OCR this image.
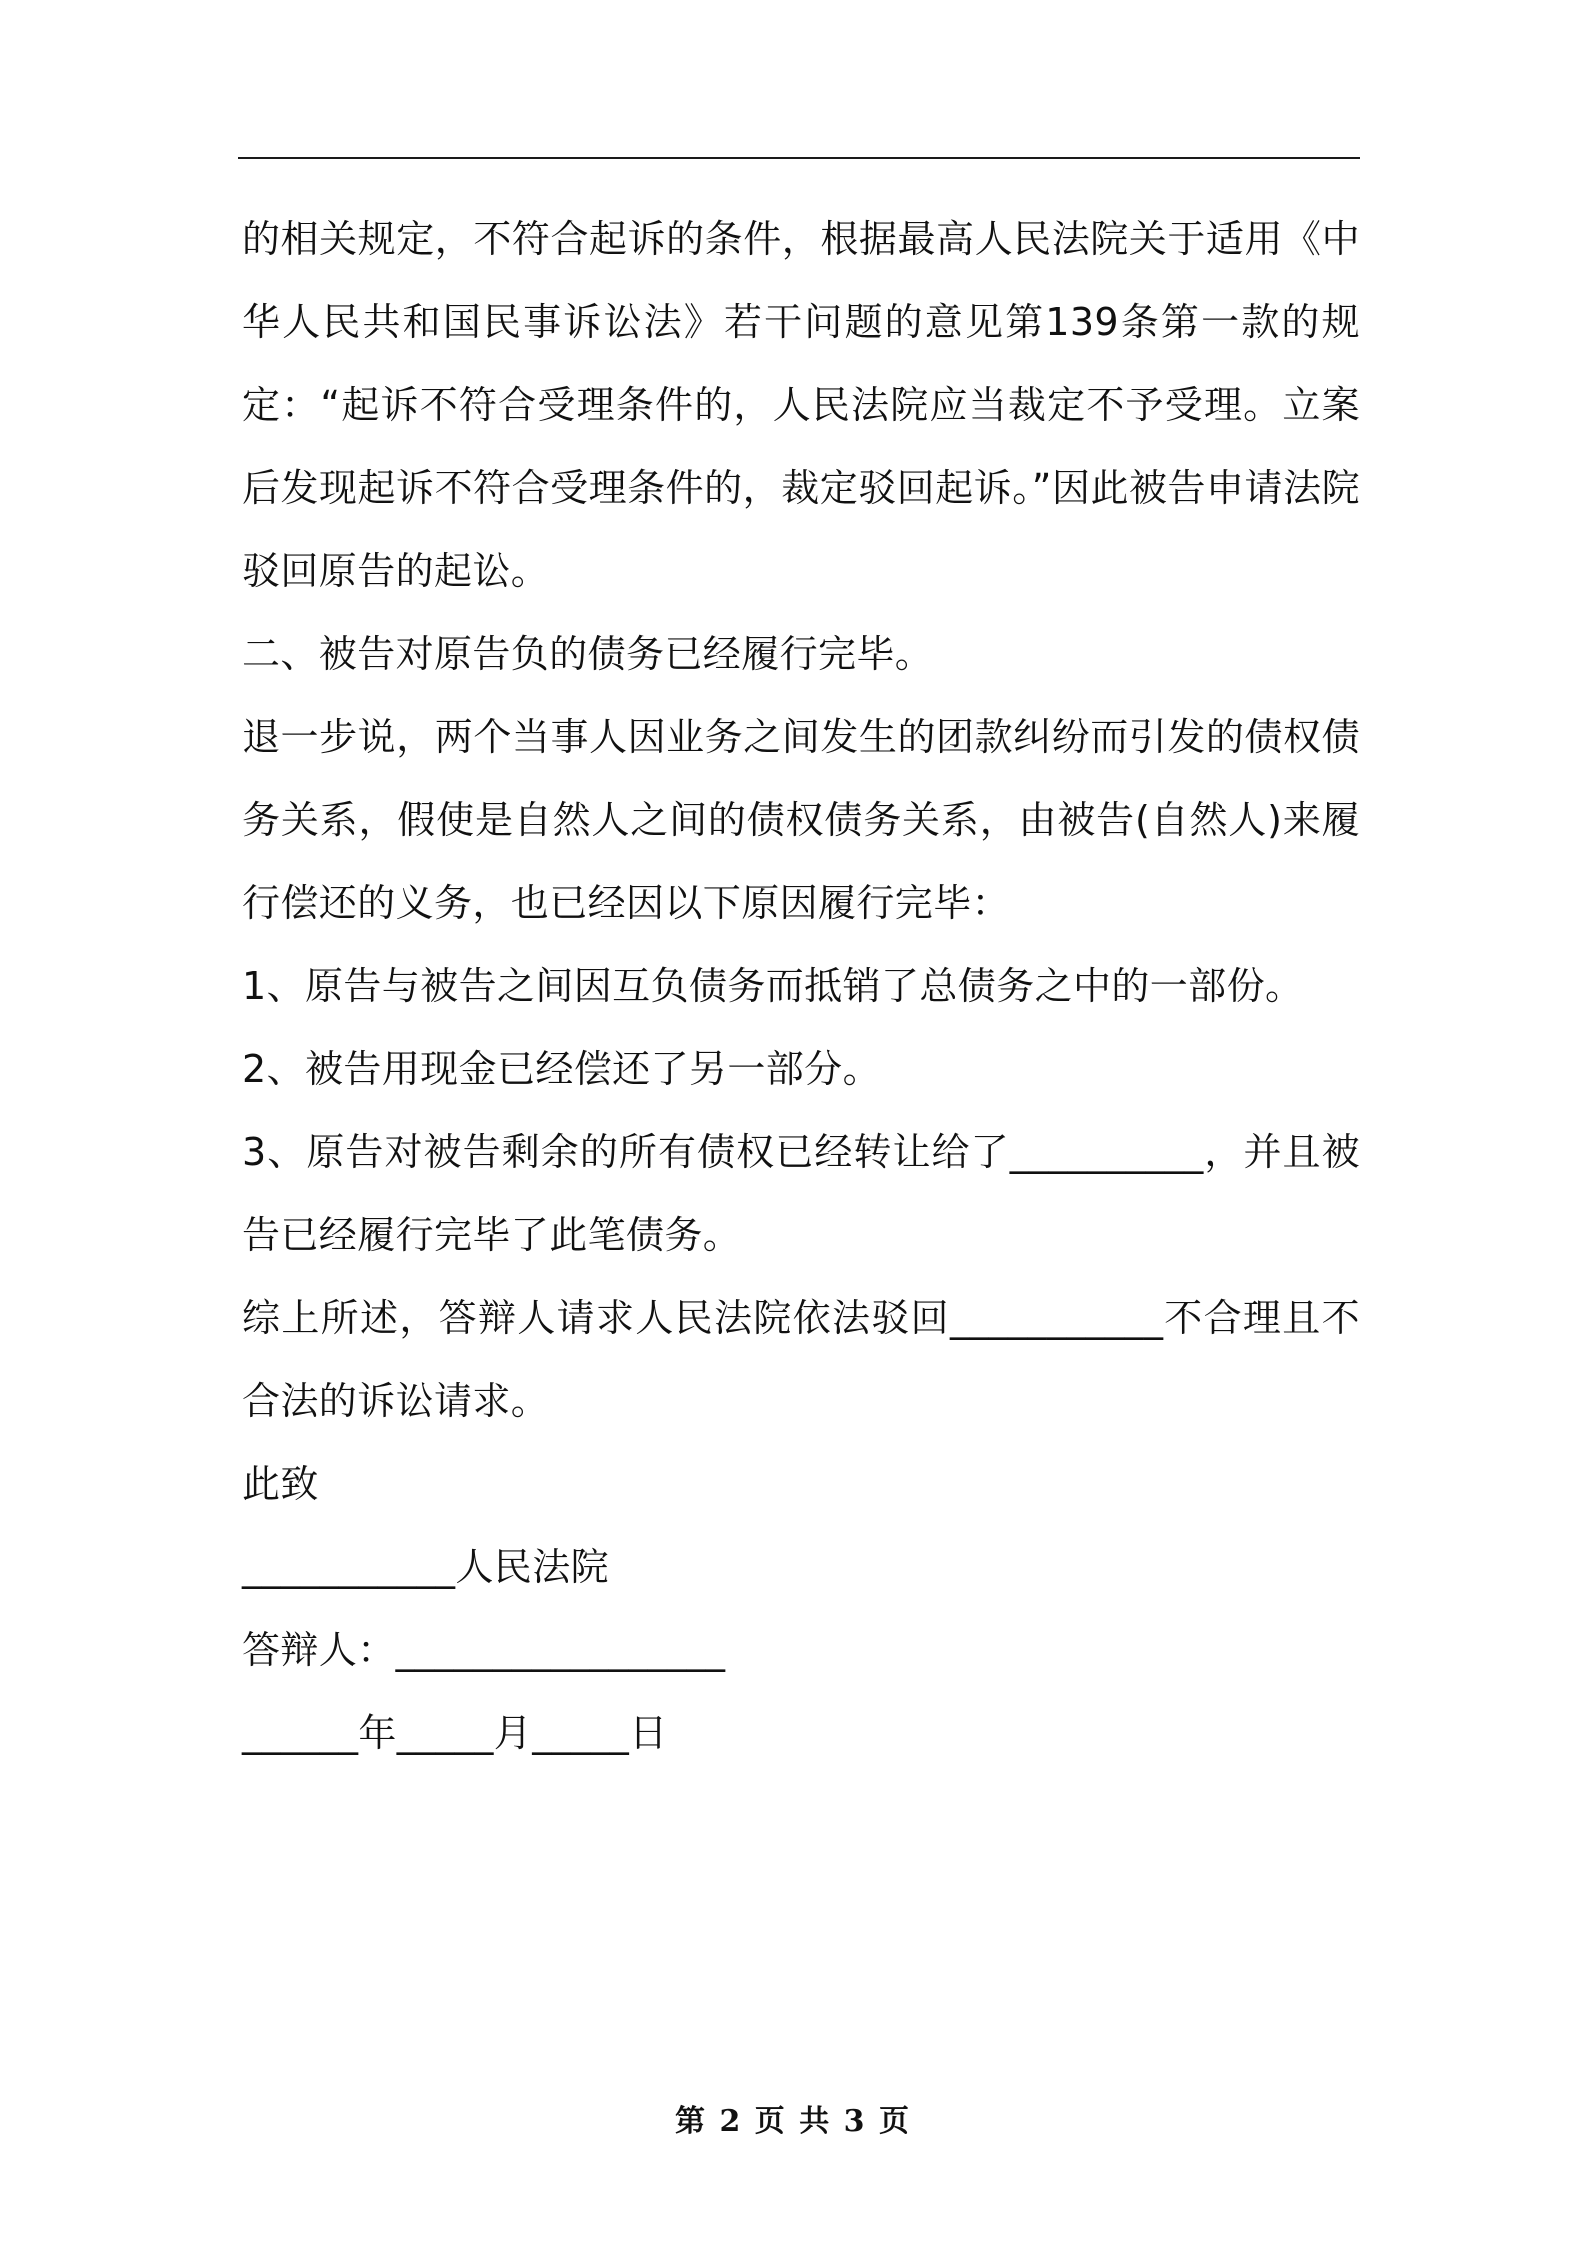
的相关规定，不符合起诉的条件，根据最高人民法院关于适用《中华人民共和国民事诉讼法》若干问题的意见第139条第一款的规定：“起诉不符合受理条件的，人民法院应当裁定不予受理。立案后发现起诉不符合受理条件的，裁定驳回起诉。”因此被告申请法院驳回原告的起讼。

二、被告对原告负的债务已经履行完毕。

退一步说，两个当事人因业务之间发生的团款纠纷而引发的债权债务关系，假使是自然人之间的债权债务关系，由被告(自然人)来履行偿还的义务，也已经因以下原因履行完毕：

1、原告与被告之间因互负债务而抵销了总债务之中的一部份。

2、被告用现金已经偿还了另一部分。

3、原告对被告剩余的所有债权已经转让给了__________，并且被告已经履行完毕了此笔债务。

综上所述，答辩人请求人民法院依法驳回___________不合理且不合法的诉讼请求。

此致

___________人民法院

答辩人：_________________

______年_____月_____日

第 2 页 共 3 页
